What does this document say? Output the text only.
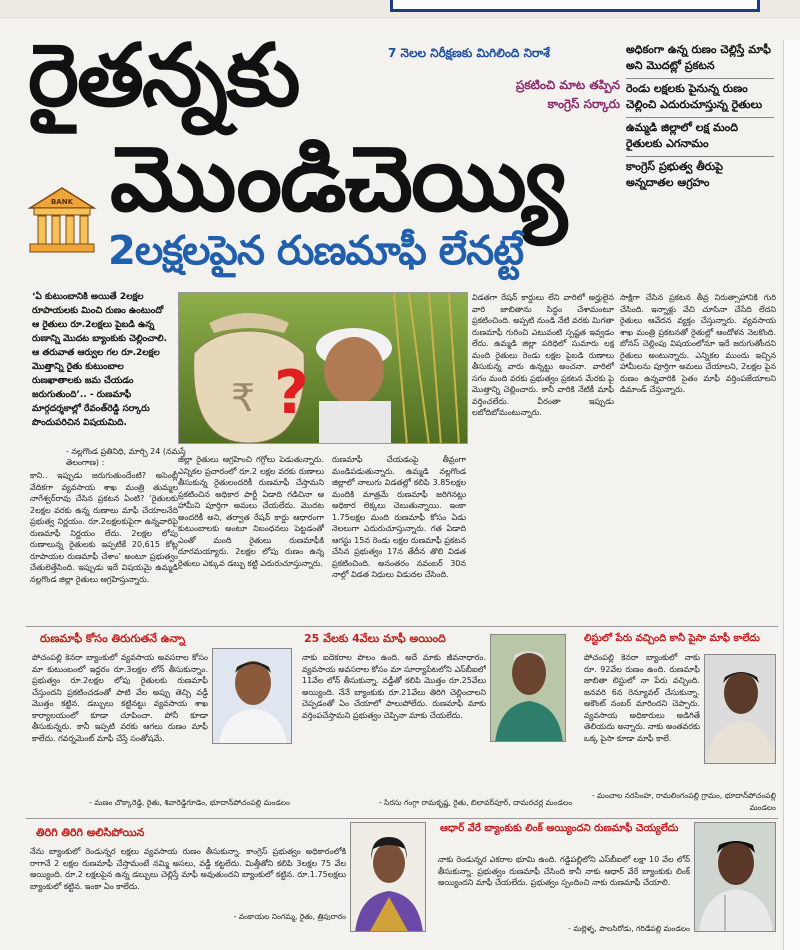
రైతన్నకు
మొండిచెయ్యి
BANK
2లక్షలపైన రుణమాఫీ లేనట్టే
7 నెలల నిరీక్షణకు మిగిలింది నిరాశే
ప్రకటించి మాట తప్పిన
కాంగ్రెస్ సర్కారు
అధికంగా ఉన్న రుణం చెల్లిస్తే మాఫీ అని మొదట్లో ప్రకటన
రెండు లక్షలకు పైనున్న రుణం చెల్లించి ఎదురుచూస్తున్న రైతులు
ఉమ్మడి జిల్లాలో లక్ష మంది రైతులకు ఎగనామం
కాంగ్రెస్ ప్రభుత్వ తీరుపై అన్నదాతల ఆగ్రహం
‘ఏ కుటుంబానికి అయితే 2లక్షల రూపాయలకు మించి రుణం ఉంటుందో ఆ రైతులు రూ.2లక్షలు పైబడి ఉన్న రుణాన్ని మొదట బ్యాంకుకు చెల్లించాలి. ఆ తరువాత ఆర్వుల గల రూ.2లక్షల మొత్తాన్ని రైతు కుటుంబాల రుణఖాతాలకు జమ చేయడం జరుగుతుంది’.. - రుణమాఫీ మార్గదర్శకాల్లో రేవంత్‌రెడ్డి సర్కారు పొందుపరిచిన విషయమిది.
- నల్లగొండ ప్రతినిధి, మార్చి 24 (నమస్తే తెలంగాణ) :
₹ ?
కాని.. ఇప్పుడు జరుగుతుందేంటి? అసెంబ్లీ వేదికగా వ్యవసాయ శాఖ మంత్రి తుమ్మల నాగేశ్వర్‌రావు చేసిన ప్రకటన ఏంటి? ‘రైతులకు 2లక్షల వరకు ఉన్న రుణాలు మాఫీ చేయాలనేది ప్రభుత్వ నిర్ణయం. రూ.2లక్షలకుపైగా ఉన్నవారిపై రుణమాఫీ నిర్ణయం లేదు. 2లక్షల లోపు రుణాలున్న రైతులకు ఇప్పటికే 20,615 కోట్ల రూపాయల రుణమాఫీ చేశాం’ అంటూ ప్రభుత్వం చేతులెత్తేసింది. ఇప్పుడు ఇదే విషయమై ఉమ్మడి నల్లగొండ జిల్లా రైతులు ఆగ్రహిస్తున్నారు.
జిల్లా రైతులు ఆగ్రహించి గగ్గోలు పెడుతున్నారు. ఎన్నికల ప్రచారంలో రూ.2 లక్షల వరకు రుణాలు తీసుకున్న రైతులందరికీ రుణమాఫీ చేస్తామని ప్రకటించిన అధికార పార్టీ ఏడాది గడిచినా ఆ హామీని పూర్తిగా అమలు చేయలేదు. మొదట అందరికీ అని, తర్వాత రేషన్ కార్డు ఆధారంగా కుటుంబాలకు అంటూ నిబంధనలు పెట్టడంతో ఎంతో మంది రైతులు రుణమాఫీకి దూరమయ్యారు. 2లక్షల లోపు రుణం ఉన్న రైతులు ఎక్కువ డబ్బు కట్టి ఎదురుచూస్తున్నారు.
రుణమాఫీ చేయడంపై తీవ్రంగా మండిపడుతున్నారు. ఉమ్మడి నల్లగొండ జిల్లాలో నాలుగు విడతల్లో కలిపి 3.85లక్షల మందికి మాత్రమే రుణమాఫీ జరిగినట్లు అధికార లెక్కలు చెబుతున్నాయి. ఇంకా 1.75లక్షల మంది రుణమాఫీ కోసం ఏడు నెలలుగా ఎదురుచూస్తున్నారు. గత ఏడాది ఆగస్టు 15న రెండు లక్షల రుణమాఫీ ప్రకటన చేసిన ప్రభుత్వం 17న తేదీన తొలి విడత ప్రకటించింది. అనంతరం నవంబర్ 30న నాల్గో విడత నిధులు విడుదల చేసింది.
విడతగా రేషన్ కార్డులు లేని వారిలో అర్హులైన వారి జాబితాను సిద్ధం చేశామంటూ ప్రకటించింది. అప్పటి నుండి నేటి వరకు మిగతా రుణమాఫీ గురించి ఎటువంటి స్పష్టత ఇవ్వడం లేదు. ఉమ్మడి జిల్లా పరిధిలో సుమారు లక్ష మంది రైతులు రెండు లక్షల పైబడి రుణాలు తీసుకున్న వారు ఉన్నట్టు అంచనా. వారిలో సగం మంది వరకు ప్రభుత్వం ప్రకటన మేరకు పై మొత్తాన్ని చెల్లించారు. కానీ వారికి నేటికీ మాఫీ వర్తించలేదు. వీరంతా ఇప్పుడు లబోదిబోమంటున్నారు.
సాక్షిగా చేసిన ప్రకటన తీవ్ర నిరుత్సాహానికి గురి చేసింది. ఇన్నాళ్లు వేచి చూసినా చేసేది లేదని రైతులు ఆవేదన వ్యక్తం చేస్తున్నారు. వ్యవసాయ శాఖ మంత్రి ప్రకటనతో రైతుల్లో ఆందోళన నెలకొంది. బోనస్ చెల్లింపు విషయంలోనూ ఇదే జరుగుతోందని రైతులు అంటున్నారు. ఎన్నికల ముందు ఇచ్చిన హామీలను పూర్తిగా అమలు చేయాలని, 2లక్షల పైన రుణం ఉన్నవారికి సైతం మాఫీ వర్తింపజేయాలని డిమాండ్ చేస్తున్నారు.
రుణమాఫీ కోసం తిరుగుతనే ఉన్నా
పోచంపల్లి కెనరా బ్యాంకులో వ్యవసాయ అవసరాల కోసం మా కుటుంబంలో ఇద్దరం రూ.3లక్షల లోన్ తీసుకున్నాం. ప్రభుత్వం రూ.2లక్షల లోపు రైతులకు రుణమాఫీ చేస్తుందని ప్రకటించడంతో పాటి వేల అప్పు తెచ్చి వడ్డీ మొత్తం కట్టిన. డబ్బులు కట్టినట్టు వ్యవసాయ శాఖ కార్యాలయంలో కూడా చూపించా. పోనీ కూడా తీసుకున్నరు. కానీ ఇప్పటి వరకు ఆగలు రుణం మాఫీ కాలేదు. గవర్నమెంట్ మాఫీ చేస్తే సంతోషమే.
- మణం చొక్కారెడ్డి, రైతు, శివారెడ్డిగూడెం, భూదాన్‌పోచంపల్లి మండలం
25 వేలకు 4వేలు మాఫీ అయింది
నాకు ఐదెకరాల పొలం ఉంది. అదే మాకు జీవనాధారం. వ్యవసాయ అవసరాల కోసం మా సూర్యాపేటలోని ఎస్‌బీఐలో 11వేల లోన్ తీసుకున్నా. వడ్డీతో కలిపి మొత్తం రూ.25వేలు అయ్యింది. నేనే బ్యాంకుకు రూ.21వేలు తిరిగి చెల్లించాలని చెప్పడంతో ఏం చేయాలో పాలుపోలేదు. రుణమాఫీ మాకు వర్తింపచేస్తామని ప్రభుత్వం చెప్పినా మాకు చేయలేదు.
- సిరసు గంగ్గా రామకృష్ణ, రైతు, బిలావర్‌పూర్, దామరచర్ల మండలం
లిస్టులో పేరు వచ్చింది కానీ పైసా మాఫీ కాలేదు
పోచంపల్లి కెనరా బ్యాంకులో నాకు రూ. 92వేల రుణం ఉంది. రుణమాఫీ జాబితా లిస్టులో నా పేరు వచ్చింది. జనవరి 6న రెన్యూవల్ చేసుకున్నా. అకౌంట్ నంబర్ మారిందని చెప్పారు. వ్యవసాయ అధికారులు అడిగితే తెలియదు అన్నారు. నాకు అంతవరకు ఒక్క పైసా కూడా మాఫీ కాలే.
- మంచాల నరసింహ, రామలింగంపల్లి గ్రామం, భూదాన్‌పోచంపల్లి మండలం
తిరిగి తిరిగి అలిసిపోయిన
నేను బ్యాంకులో రెండున్నర లక్షలు వ్యవసాయ రుణం తీసుకున్నా. కాంగ్రెస్ ప్రభుత్వం అధికారంలోకి రాగానే 2 లక్షల రుణమాఫీ చేస్తామంటే నమ్మి అసలు, వడ్డీ కట్టలేదు. మిత్తీతోని కలిపి 3లక్షల 75 వేల అయ్యింది. రూ.2 లక్షలపైన ఉన్న డబ్బులు చెల్లిస్తే మాఫీ అవుతుందని బ్యాంకులో కట్టిన. రూ.1.75లక్షలు బ్యాంకులో కట్టిన. ఇంకా ఏం కాలేదు.
- వంకాయల నింగమ్మ, రైతు, త్రిపురారం
ఆధార్ వేరే బ్యాంకుకు లింక్ అయ్యిందని రుణమాఫీ చెయ్యలేదు
నాకు రెండున్నర ఎకరాల భూమి ఉంది. గడ్డిపల్లిలోని ఎస్‌బీఐలో లక్షా 10 వేల లోన్ తీసుకున్నా. ప్రభుత్వం రుణమాఫీ చేసింది కానీ నాకు ఆధార్ వేరే బ్యాంకుకు లింక్ అయ్యిందని మాఫీ చేయలేదు. ప్రభుత్వం స్పందించి నాకు రుణమాఫీ చేయాలి.
- మల్లెళ్ళ, పాలసిరోడు, గరిడేపల్లి మండలం
